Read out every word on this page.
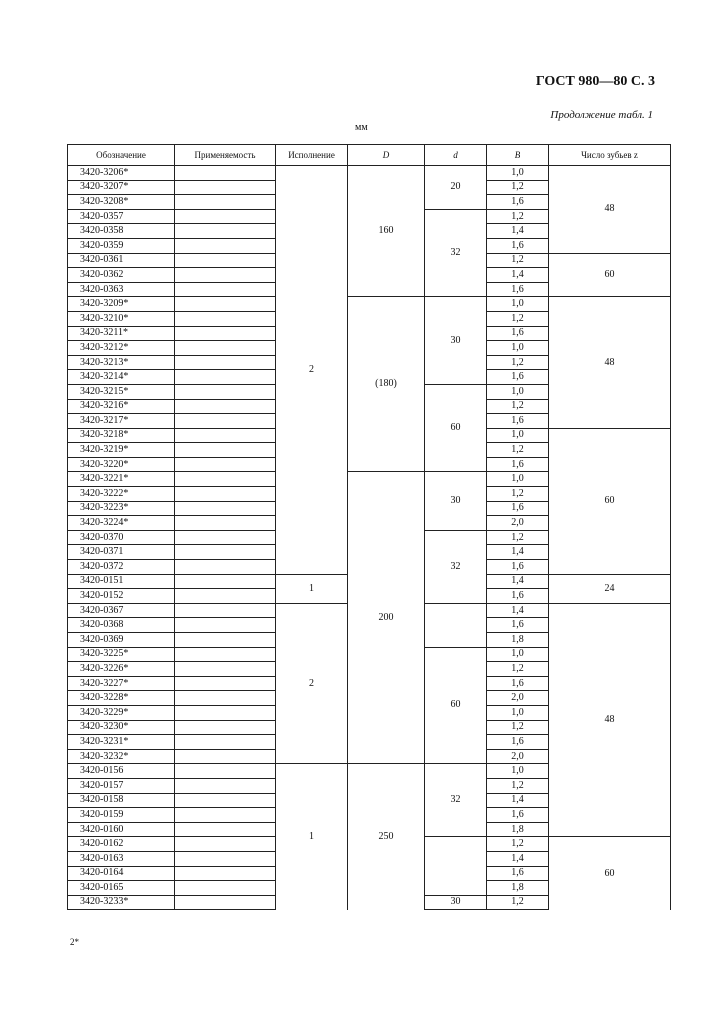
ГОСТ 980—80 С. 3
Продолжение табл. 1
мм
Обозначение	Применяемость	Исполнение	D	d	B	Число зубьев z
3420-3206*		2	160	20	1,0	48
3420-3207*					1,2	
3420-3208*					1,6	
3420-0357				32	1,2	
3420-0358					1,4	
3420-0359					1,6	
3420-0361					1,2	60
3420-0362					1,4	
3420-0363					1,6	
3420-3209*			(180)	30	1,0	48
3420-3210*					1,2	
3420-3211*					1,6	
3420-3212*					1,0	
3420-3213*					1,2	
3420-3214*					1,6	
3420-3215*				60	1,0	
3420-3216*					1,2	
3420-3217*					1,6	
3420-3218*					1,0	60
3420-3219*					1,2	
3420-3220*					1,6	
3420-3221*			200	30	1,0	
3420-3222*					1,2	
3420-3223*					1,6	
3420-3224*					2,0	
3420-0370				32	1,2	
3420-0371					1,4	
3420-0372					1,6	
3420-0151		1			1,4	24
3420-0152					1,6	
3420-0367		2			1,4	48
3420-0368					1,6	
3420-0369					1,8	
3420-3225*				60	1,0	
3420-3226*					1,2	
3420-3227*					1,6	
3420-3228*					2,0	
3420-3229*					1,0	
3420-3230*					1,2	
3420-3231*					1,6	
3420-3232*					2,0	
3420-0156		1	250	32	1,0	
3420-0157					1,2	
3420-0158					1,4	
3420-0159					1,6	
3420-0160					1,8	
3420-0162					1,2	60
3420-0163					1,4	
3420-0164					1,6	
3420-0165					1,8	
3420-3233*				30	1,2	
2*
